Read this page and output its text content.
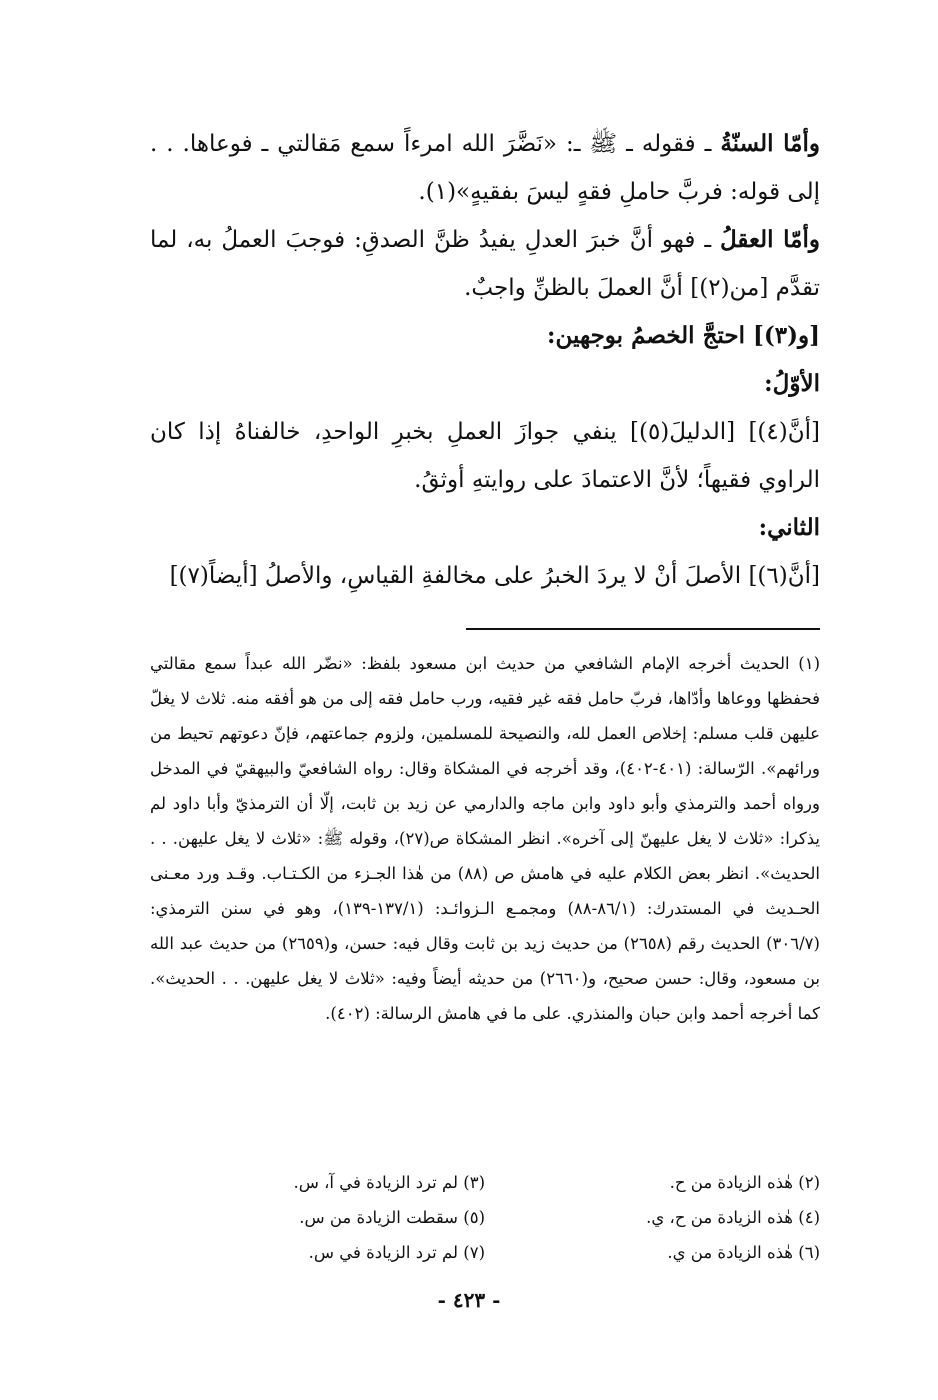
وأمّا السنّةُ ـ فقوله ـ ﷺ ـ: «نَضَّرَ الله امرءاً سمع مَقالتي ـ فوعاها. . . إلى قوله: فربَّ حاملِ فقهٍ ليسَ بفقيهٍ»(١).

وأمّا العقلُ ـ فهو أنَّ خبرَ العدلِ يفيدُ ظنَّ الصدقِ: فوجبَ العملُ به، لما تقدَّم [من(٢)] أنَّ العملَ بالظنِّ واجبٌ.

[و(٣)] احتجَّ الخصمُ بوجهين:

الأوّلُ:

[أنَّ(٤)] [الدليلَ(٥)] ينفي جوازَ العملِ بخبرِ الواحدِ، خالفناهُ إذا كان الراوي فقيهاً؛ لأنَّ الاعتمادَ على روايتهِ أوثقُ.

الثاني:

[أنَّ(٦)] الأصلَ أنْ لا يردَ الخبرُ على مخالفةِ القياسِ، والأصلُ [أيضاً(٧)]

(١) الحديث أخرجه الإمام الشافعي من حديث ابن مسعود بلفظ: «نضّر الله عبداً سمع مقالتي فحفظها ووعاها وأدّاها، فربّ حامل فقه غير فقيه، ورب حامل فقه إلى من هو أفقه منه. ثلاث لا يغلّ عليهن قلب مسلم: إخلاص العمل لله، والنصيحة للمسلمين، ولزوم جماعتهم، فإنّ دعوتهم تحيط من ورائهم». الرّسالة: (٤٠١-٤٠٢)، وقد أخرجه في المشكاة وقال: رواه الشافعيّ والبيهقيّ في المدخل ورواه أحمد والترمذي وأبو داود وابن ماجه والدارمي عن زيد بن ثابت، إلّا أن الترمذيّ وأبا داود لم يذكرا: «ثلاث لا يغل عليهنّ إلى آخره». انظر المشكاة ص(٢٧)، وقوله ﷺ: «ثلاث لا يغل عليهن. . . الحديث». انظر بعض الكلام عليه في هامش ص (٨٨) من هٰذا الجـزء من الكـتـاب. وقـد ورد معـنى الحـديث في المستدرك: (٨٦/١-٨٨) ومجمـع الـزوائـد: (١٣٧/١-١٣٩)، وهو في سنن الترمذي: (٣٠٦/٧) الحديث رقم (٢٦٥٨) من حديث زيد بن ثابت وقال فيه: حسن، و(٢٦٥٩) من حديث عبد الله بن مسعود، وقال: حسن صحيح، و(٢٦٦٠) من حديثه أيضاً وفيه: «ثلاث لا يغل عليهن. . . الحديث». كما أخرجه أحمد وابن حبان والمنذري. على ما في هامش الرسالة: (٤٠٢).

(٢) هٰذه الزيادة من ح.
(٣) لم ترد الزيادة في آ، س.
(٤) هٰذه الزيادة من ح، ي.
(٥) سقطت الزيادة من س.
(٦) هٰذه الزيادة من ي.
(٧) لم ترد الزيادة في س.
- ٤٢٣ -
